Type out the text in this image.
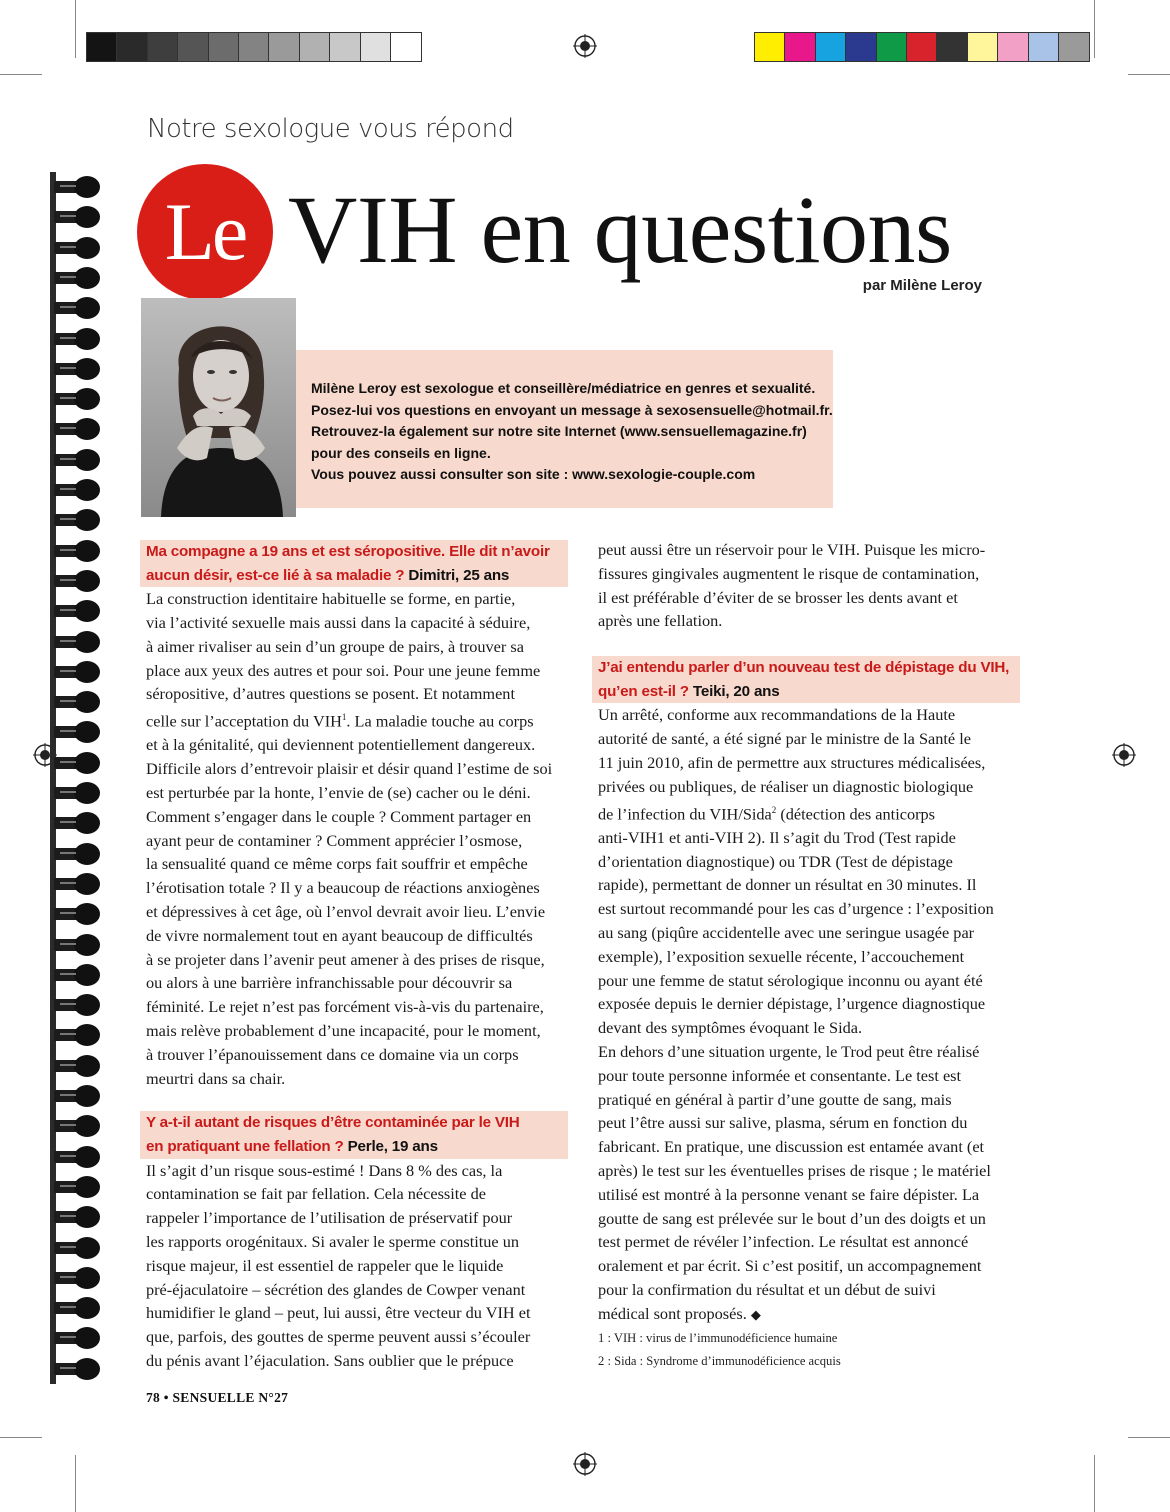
Notre sexologue vous répond
Le VIH en questions
par Milène Leroy
Milène Leroy est sexologue et conseillère/médiatrice en genres et sexualité.
Posez-lui vos questions en envoyant un message à sexosensuelle@hotmail.fr.
Retrouvez-la également sur notre site Internet (www.sensuellemagazine.fr)
pour des conseils en ligne.
Vous pouvez aussi consulter son site : www.sexologie-couple.com
Ma compagne a 19 ans et est séropositive. Elle dit n’avoir
aucun désir, est-ce lié à sa maladie ? Dimitri, 25 ans
La construction identitaire habituelle se forme, en partie,
via l’activité sexuelle mais aussi dans la capacité à séduire,
à aimer rivaliser au sein d’un groupe de pairs, à trouver sa
place aux yeux des autres et pour soi. Pour une jeune femme
séropositive, d’autres questions se posent. Et notamment
celle sur l’acceptation du VIH$^1$. La maladie touche au corps
et à la génitalité, qui deviennent potentiellement dangereux.
Difficile alors d’entrevoir plaisir et désir quand l’estime de soi
est perturbée par la honte, l’envie de (se) cacher ou le déni.
Comment s’engager dans le couple ? Comment partager en
ayant peur de contaminer ? Comment apprécier l’osmose,
la sensualité quand ce même corps fait souffrir et empêche
l’érotisation totale ? Il y a beaucoup de réactions anxiogènes
et dépressives à cet âge, où l’envol devrait avoir lieu. L’envie
de vivre normalement tout en ayant beaucoup de difficultés
à se projeter dans l’avenir peut amener à des prises de risque,
ou alors à une barrière infranchissable pour découvrir sa
féminité. Le rejet n’est pas forcément vis-à-vis du partenaire,
mais relève probablement d’une incapacité, pour le moment,
à trouver l’épanouissement dans ce domaine via un corps
meurtri dans sa chair.
Y a-t-il autant de risques d’être contaminée par le VIH
en pratiquant une fellation ? Perle, 19 ans
Il s’agit d’un risque sous-estimé ! Dans 8 % des cas, la
contamination se fait par fellation. Cela nécessite de
rappeler l’importance de l’utilisation de préservatif pour
les rapports orogénitaux. Si avaler le sperme constitue un
risque majeur, il est essentiel de rappeler que le liquide
pré-éjaculatoire – sécrétion des glandes de Cowper venant
humidifier le gland – peut, lui aussi, être vecteur du VIH et
que, parfois, des gouttes de sperme peuvent aussi s’écouler
du pénis avant l’éjaculation. Sans oublier que le prépuce
peut aussi être un réservoir pour le VIH. Puisque les micro-
fissures gingivales augmentent le risque de contamination,
il est préférable d’éviter de se brosser les dents avant et
après une fellation.
J’ai entendu parler d’un nouveau test de dépistage du VIH,
qu’en est-il ? Teiki, 20 ans
Un arrêté, conforme aux recommandations de la Haute
autorité de santé, a été signé par le ministre de la Santé le
11 juin 2010, afin de permettre aux structures médicalisées,
privées ou publiques, de réaliser un diagnostic biologique
de l’infection du VIH/Sida$^2$ (détection des anticorps
anti-VIH1 et anti-VIH 2). Il s’agit du Trod (Test rapide
d’orientation diagnostique) ou TDR (Test de dépistage
rapide), permettant de donner un résultat en 30 minutes. Il
est surtout recommandé pour les cas d’urgence : l’exposition
au sang (piqûre accidentelle avec une seringue usagée par
exemple), l’exposition sexuelle récente, l’accouchement
pour une femme de statut sérologique inconnu ou ayant été
exposée depuis le dernier dépistage, l’urgence diagnostique
devant des symptômes évoquant le Sida.
En dehors d’une situation urgente, le Trod peut être réalisé
pour toute personne informée et consentante. Le test est
pratiqué en général à partir d’une goutte de sang, mais
peut l’être aussi sur salive, plasma, sérum en fonction du
fabricant. En pratique, une discussion est entamée avant (et
après) le test sur les éventuelles prises de risque ; le matériel
utilisé est montré à la personne venant se faire dépister. La
goutte de sang est prélevée sur le bout d’un des doigts et un
test permet de révéler l’infection. Le résultat est annoncé
oralement et par écrit. Si c’est positif, un accompagnement
pour la confirmation du résultat et un début de suivi
médical sont proposés. ◆
1 : VIH : virus de l’immunodéficience humaine
2 : Sida : Syndrome d’immunodéficience acquis
78 • SENSUELLE N°27
